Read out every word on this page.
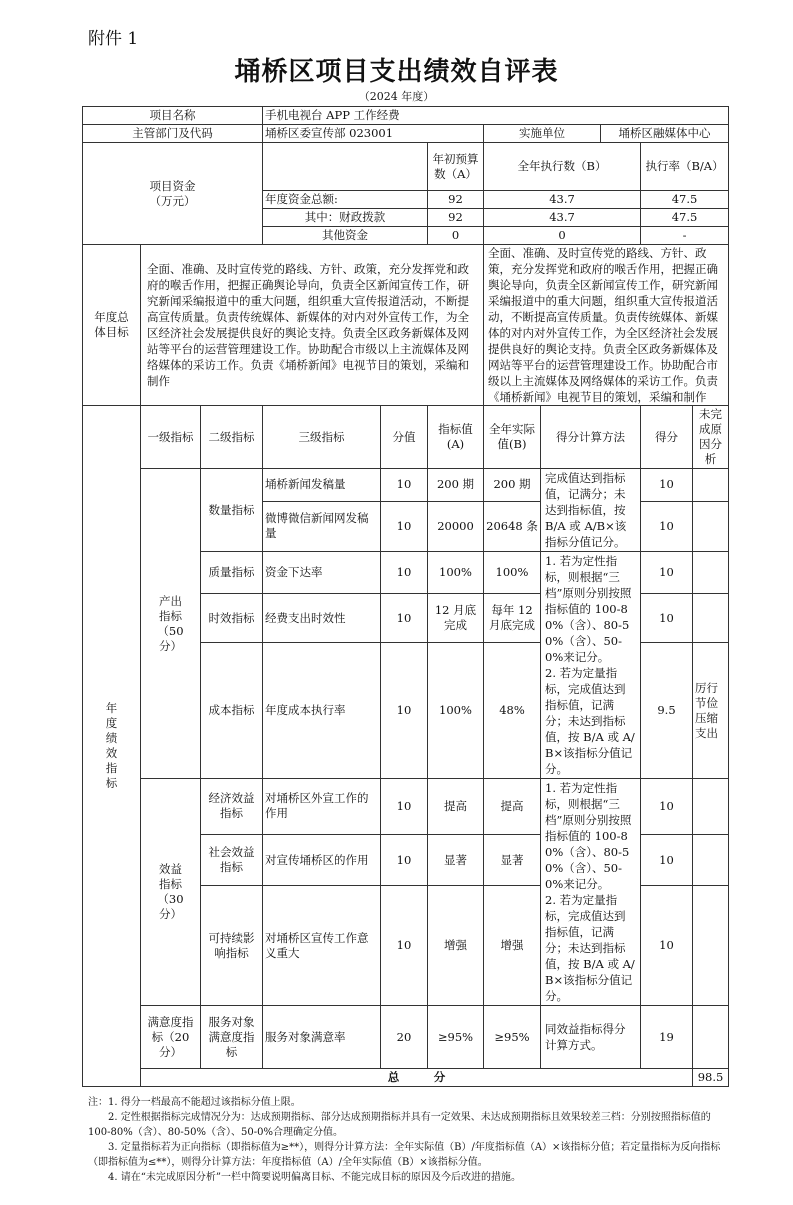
附件 1
埇桥区项目支出绩效自评表
（2024 年度）
项目名称			手机电视台 APP 工作经费								
主管部门及代码			埇桥区委宣传部 023001			实施单位		埇桥区融媒体中心			
项目资金
（万元）					年初预算数（A）	全年执行数（B）			执行率（B/A）		
			年度资金总额:		92	43.7			47.5		
			其中：财政拨款		92	43.7			47.5		
			其他资金		0	0			-		
年度总体目标	全面、准确、及时宣传党的路线、方针、政策，充分发挥党和政府的喉舌作用，把握正确舆论导向，负责全区新闻宣传工作，研究新闻采编报道中的重大问题，组织重大宣传报道活动，不断提高宣传质量。负责传统媒体、新媒体的对内对外宣传工作，为全区经济社会发展提供良好的舆论支持。负责全区政务新媒体及网站等平台的运营管理建设工作。协助配合市级以上主流媒体及网络媒体的采访工作。负责《埇桥新闻》电视节目的策划，采编和制作					全面、准确、及时宣传党的路线、方针、政策，充分发挥党和政府的喉舌作用，把握正确舆论导向，负责全区新闻宣传工作，研究新闻采编报道中的重大问题，组织重大宣传报道活动，不断提高宣传质量。负责传统媒体、新媒体的对内对外宣传工作，为全区经济社会发展提供良好的舆论支持。负责全区政务新媒体及网站等平台的运营管理建设工作。协助配合市级以上主流媒体及网络媒体的采访工作。负责《埇桥新闻》电视节目的策划，采编和制作					
年度绩效指标	一级指标	二级指标	三级指标	分值	指标值(A)	全年实际值(B)	得分计算方法		得分	未完成原因分析	
	产出指标（50 分）	数量指标	埇桥新闻发稿量	10	200 期	200 期	完成值达到指标值，记满分；未达到指标值，按 B/A 或 A/B×该指标分值记分。		10		
			微博微信新闻网发稿量	10	20000	20648 条			10		
		质量指标	资金下达率	10	100%	100%	1. 若为定性指标，则根据“三档”原则分别按照指标值的 100-80%（含）、80-50%（含）、50-0%来记分。
2. 若为定量指标，完成值达到指标值，记满分；未达到指标值，按 B/A 或 A/B×该指标分值记分。		10		
		时效指标	经费支出时效性	10	12 月底完成	每年 12 月底完成			10		
		成本指标	年度成本执行率	10	100%	48%			9.5	厉行节俭压缩支出	
	效益指标（30 分）	经济效益指标	对埇桥区外宣工作的作用	10	提高	提高	1. 若为定性指标，则根据“三档”原则分别按照指标值的 100-80%（含）、80-50%（含）、50-0%来记分。
2. 若为定量指标，完成值达到指标值，记满分；未达到指标值，按 B/A 或 A/B×该指标分值记分。		10		
		社会效益指标	对宣传埇桥区的作用	10	显著	显著			10		
		可持续影响指标	对埇桥区宣传工作意义重大	10	增强	增强			10		
	满意度指标（20 分）	服务对象满意度指标	服务对象满意率	20	≥95%	≥95%	同效益指标得分计算方式。		19		
	总　　　分									98.5	
注：1. 得分一档最高不能超过该指标分值上限。
2. 定性根据指标完成情况分为：达成预期指标、部分达成预期指标并具有一定效果、未达成预期指标且效果较差三档：分别按照指标值的
100-80%（含）、80-50%（含）、50-0%合理确定分值。
3. 定量指标若为正向指标（即指标值为≥**），则得分计算方法：全年实际值（B）/年度指标值（A）×该指标分值；若定量指标为反向指标
（即指标值为≤**），则得分计算方法：年度指标值（A）/全年实际值（B）×该指标分值。
4. 请在“未完成原因分析”一栏中简要说明偏离目标、不能完成目标的原因及今后改进的措施。
